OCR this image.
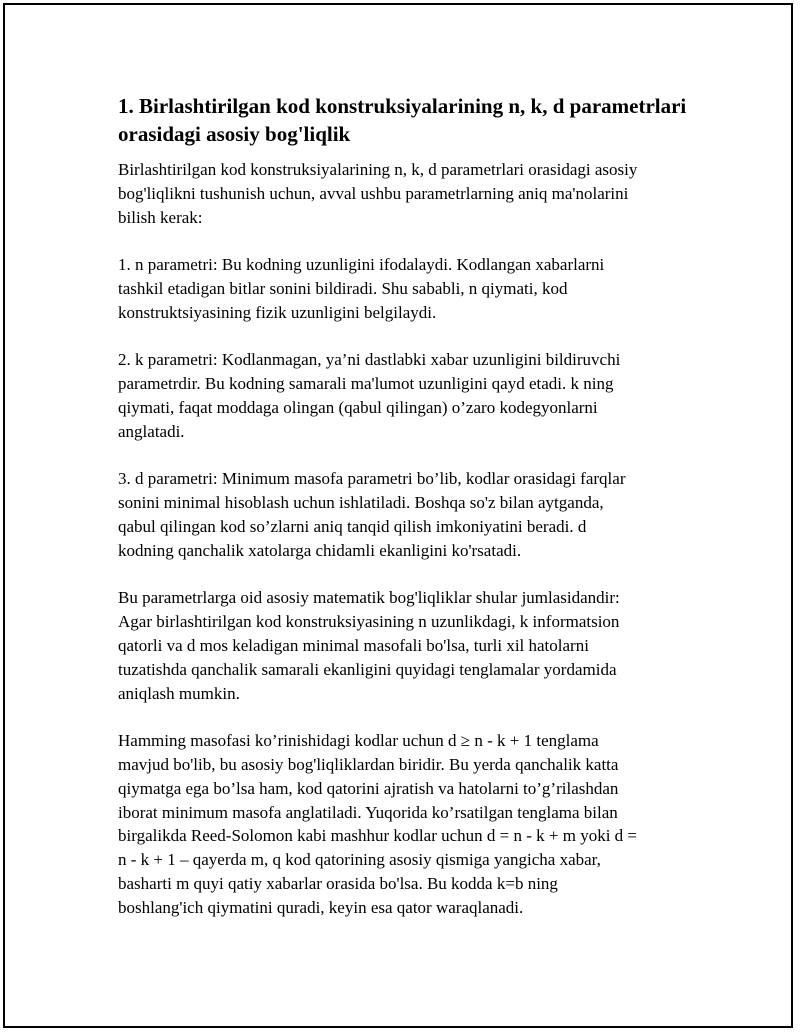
1. Birlashtirilgan kod konstruksiyalarining n, k, d parametrlari orasidagi asosiy bog'liqlik

Birlashtirilgan kod konstruksiyalarining n, k, d parametrlari orasidagi asosiy
bog'liqlikni tushunish uchun, avval ushbu parametrlarning aniq ma'nolarini
bilish kerak:

1. n parametri: Bu kodning uzunligini ifodalaydi. Kodlangan xabarlarni
tashkil etadigan bitlar sonini bildiradi. Shu sababli, n qiymati, kod
konstruktsiyasining fizik uzunligini belgilaydi.

2. k parametri: Kodlanmagan, ya’ni dastlabki xabar uzunligini bildiruvchi
parametrdir. Bu kodning samarali ma'lumot uzunligini qayd etadi. k ning
qiymati, faqat moddaga olingan (qabul qilingan) o’zaro kodegyonlarni
anglatadi.

3. d parametri: Minimum masofa parametri bo’lib, kodlar orasidagi farqlar
sonini minimal hisoblash uchun ishlatiladi. Boshqa so'z bilan aytganda,
qabul qilingan kod so’zlarni aniq tanqid qilish imkoniyatini beradi. d
kodning qanchalik xatolarga chidamli ekanligini ko'rsatadi.

Bu parametrlarga oid asosiy matematik bog'liqliklar shular jumlasidandir:
Agar birlashtirilgan kod konstruksiyasining n uzunlikdagi, k informatsion
qatorli va d mos keladigan minimal masofali bo'lsa, turli xil hatolarni
tuzatishda qanchalik samarali ekanligini quyidagi tenglamalar yordamida
aniqlash mumkin.

Hamming masofasi ko’rinishidagi kodlar uchun d ≥ n - k + 1 tenglama
mavjud bo'lib, bu asosiy bog'liqliklardan biridir. Bu yerda qanchalik katta
qiymatga ega bo’lsa ham, kod qatorini ajratish va hatolarni to’g’rilashdan
iborat minimum masofa anglatiladi. Yuqorida ko’rsatilgan tenglama bilan
birgalikda Reed-Solomon kabi mashhur kodlar uchun d = n - k + m yoki d =
n - k + 1 – qayerda m, q kod qatorining asosiy qismiga yangicha xabar,
basharti m quyi qatiy xabarlar orasida bo'lsa. Bu kodda k=b ning
boshlang'ich qiymatini quradi, keyin esa qator waraqlanadi.
